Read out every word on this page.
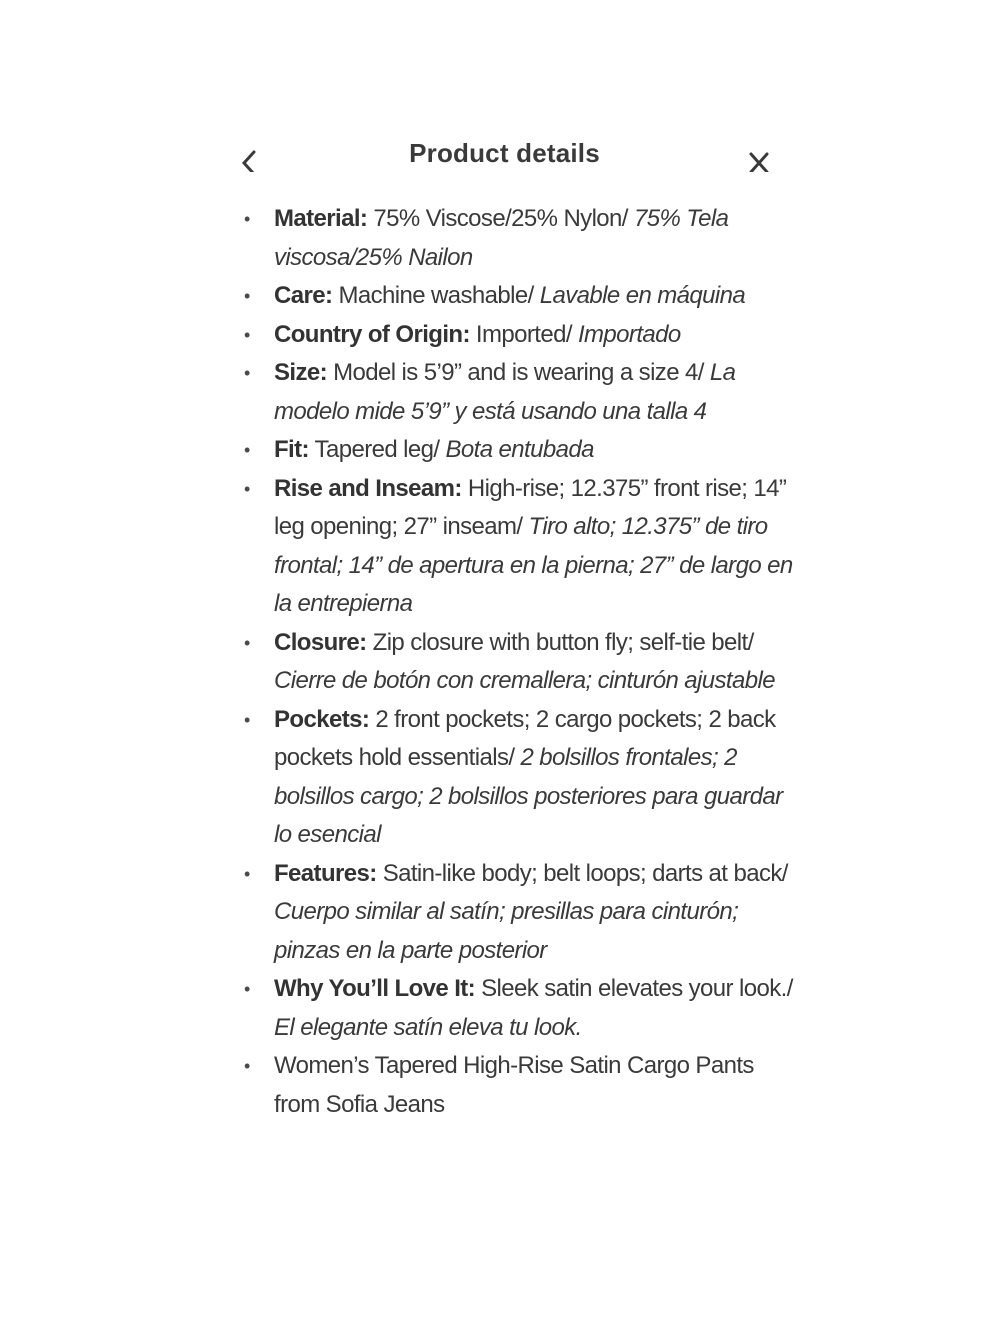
Product details
• Material: 75% Viscose/25% Nylon/ 75% Tela viscosa/25% Nailon
• Care: Machine washable/ Lavable en máquina
• Country of Origin: Imported/ Importado
• Size: Model is 5’9” and is wearing a size 4/ La modelo mide 5’9” y está usando una talla 4
• Fit: Tapered leg/ Bota entubada
• Rise and Inseam: High-rise; 12.375” front rise; 14” leg opening; 27” inseam/ Tiro alto; 12.375” de tiro frontal; 14” de apertura en la pierna; 27” de largo en la entrepierna
• Closure: Zip closure with button fly; self-tie belt/ Cierre de botón con cremallera; cinturón ajustable
• Pockets: 2 front pockets; 2 cargo pockets; 2 back pockets hold essentials/ 2 bolsillos frontales; 2 bolsillos cargo; 2 bolsillos posteriores para guardar lo esencial
• Features: Satin-like body; belt loops; darts at back/ Cuerpo similar al satín; presillas para cinturón; pinzas en la parte posterior
• Why You’ll Love It: Sleek satin elevates your look./ El elegante satín eleva tu look.
• Women’s Tapered High-Rise Satin Cargo Pants from Sofia Jeans
